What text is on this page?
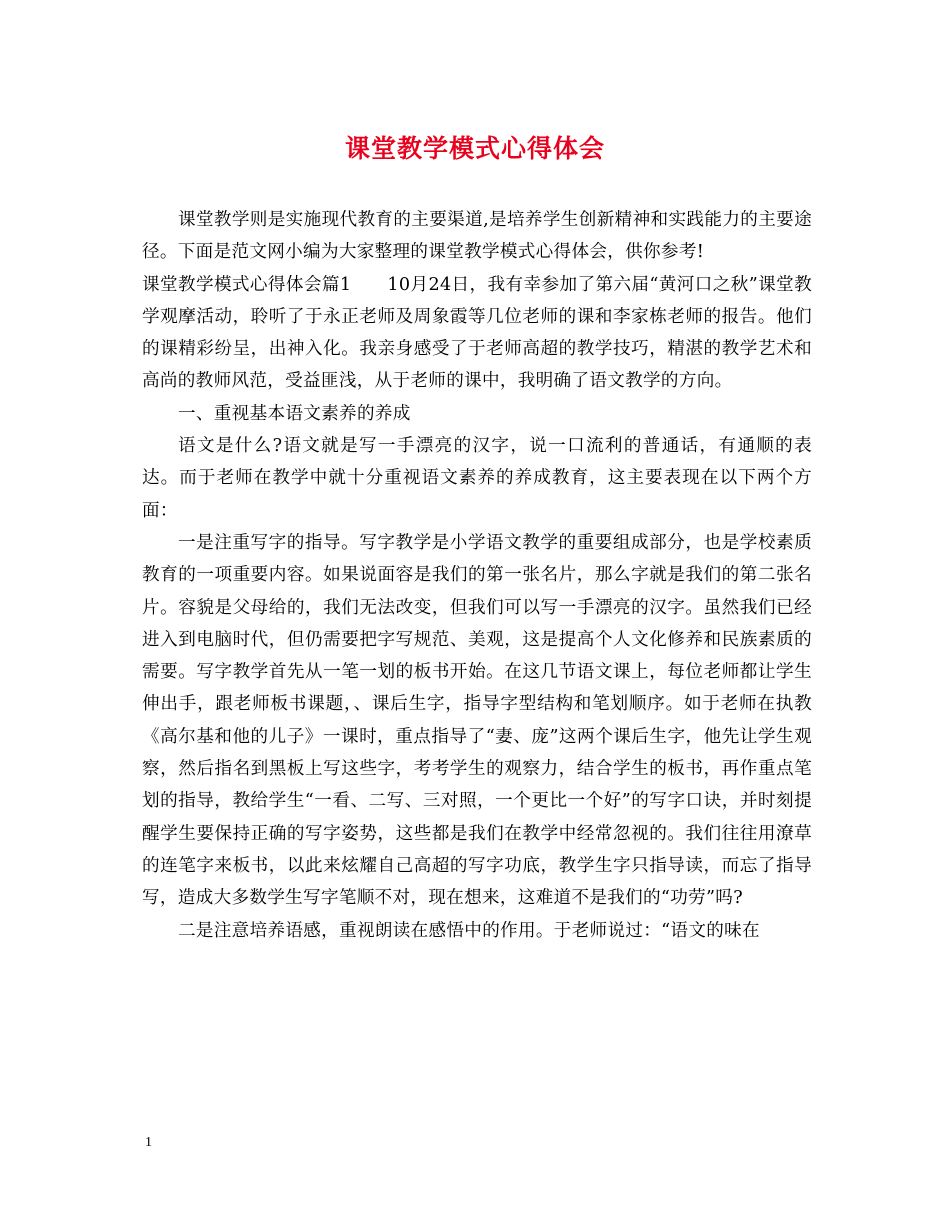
课堂教学模式心得体会

课堂教学则是实施现代教育的主要渠道,是培养学生创新精神和实践能力的主要途径。下面是范文网小编为大家整理的课堂教学模式心得体会，供你参考!

课堂教学模式心得体会篇1　　10月24日，我有幸参加了第六届“黄河口之秋”课堂教学观摩活动，聆听了于永正老师及周象霞等几位老师的课和李家栋老师的报告。他们的课精彩纷呈，出神入化。我亲身感受了于老师高超的教学技巧，精湛的教学艺术和高尚的教师风范，受益匪浅，从于老师的课中，我明确了语文教学的方向。

一、重视基本语文素养的养成

语文是什么?语文就是写一手漂亮的汉字，说一口流利的普通话，有通顺的表达。而于老师在教学中就十分重视语文素养的养成教育，这主要表现在以下两个方面：

一是注重写字的指导。写字教学是小学语文教学的重要组成部分，也是学校素质教育的一项重要内容。如果说面容是我们的第一张名片，那么字就是我们的第二张名片。容貌是父母给的，我们无法改变，但我们可以写一手漂亮的汉字。虽然我们已经进入到电脑时代，但仍需要把字写规范、美观，这是提高个人文化修养和民族素质的需要。写字教学首先从一笔一划的板书开始。在这几节语文课上，每位老师都让学生伸出手，跟老师板书课题，、课后生字，指导字型结构和笔划顺序。如于老师在执教《高尔基和他的儿子》一课时，重点指导了“妻、庞”这两个课后生字，他先让学生观察，然后指名到黑板上写这些字，考考学生的观察力，结合学生的板书，再作重点笔划的指导，教给学生“一看、二写、三对照，一个更比一个好”的写字口诀，并时刻提醒学生要保持正确的写字姿势，这些都是我们在教学中经常忽视的。我们往往用潦草的连笔字来板书，以此来炫耀自己高超的写字功底，教学生字只指导读，而忘了指导写，造成大多数学生写字笔顺不对，现在想来，这难道不是我们的“功劳”吗?

二是注意培养语感，重视朗读在感悟中的作用。于老师说过：“语文的味在

1
